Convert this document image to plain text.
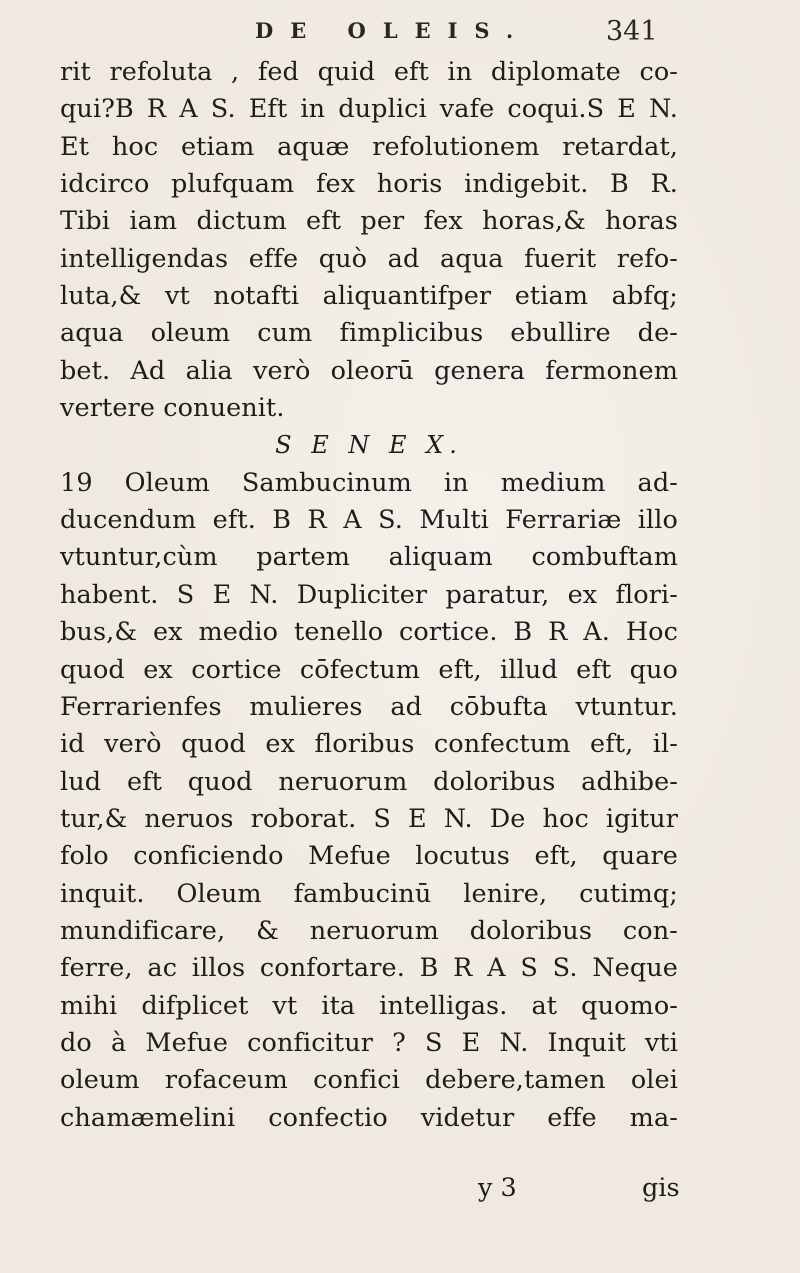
DE OLEIS.	341
rit refoluta , fed quid eft in diplomate co-
qui?B R A S. Eft in duplici vafe coqui.S E N.
Et hoc etiam aquæ refolutionem retardat,
idcirco plufquam fex horis indigebit. B R.
Tibi iam dictum eft per fex horas,& horas
intelligendas effe quò ad aqua fuerit refo-
luta,& vt notafti aliquantifper etiam abfq;
aqua oleum cum fimplicibus ebullire de-
bet. Ad alia verò oleorū genera fermonem
vertere conuenit.
S E N E X.
19 Oleum Sambucinum in medium ad-
ducendum eft. B R A S. Multi Ferrariæ illo
vtuntur,cùm partem aliquam combuftam
habent. S E N. Dupliciter paratur, ex flori-
bus,& ex medio tenello cortice. B R A. Hoc
quod ex cortice cōfectum eft, illud eft quo
Ferrarienfes mulieres ad cōbufta vtuntur.
id verò quod ex floribus confectum eft, il-
lud eft quod neruorum doloribus adhibe-
tur,& neruos roborat. S E N. De hoc igitur
folo conficiendo Mefue locutus eft, quare
inquit. Oleum fambucinū lenire, cutimq;
mundificare, & neruorum doloribus con-
ferre, ac illos confortare. B R A S S. Neque
mihi difplicet vt ita intelligas. at quomo-
do à Mefue conficitur ? S E N. Inquit vti
oleum rofaceum confici debere,tamen olei
chamæmelini confectio videtur effe ma-
y 3	gis
